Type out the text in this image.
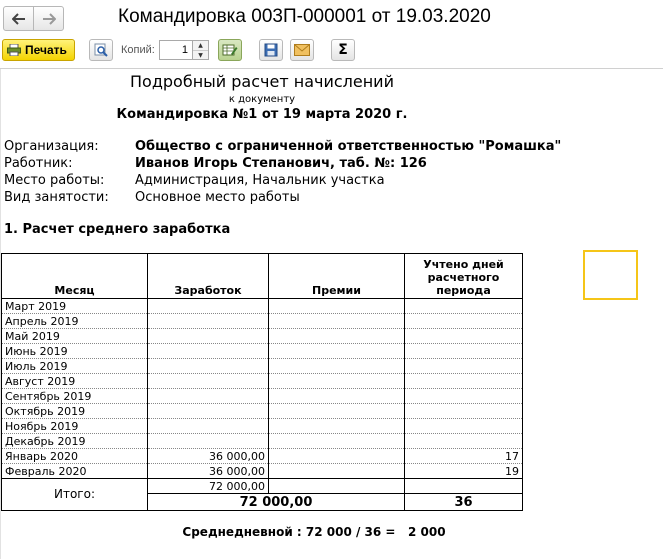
Командировка 003П-000001 от 19.03.2020
Печать	Копий:	1	▲
▼	Σ
Подробный расчет начислений
к документу
Командировка №1 от 19 марта 2020 г.
Организация:	Общество с ограниченной ответственностью "Ромашка"
Работник:	Иванов Игорь Степанович, таб. №: 126
Место работы: Администрация, Начальник участка
Вид занятости: Основное место работы
1. Расчет среднего заработка
Месяц	Заработок	Премии	Учтено дней расчетного периода
Март 2019			
Апрель 2019			
Май 2019			
Июнь 2019			
Июль 2019			
Август 2019			
Сентябрь 2019			
Октябрь 2019			
Ноябрь 2019			
Декабрь 2019			
Январь 2020	36 000,00		17
Февраль 2020	36 000,00		19
Итого:	72 000,00		
	72 000,00		36
Среднедневной : 72 000 / 36 =   2 000
